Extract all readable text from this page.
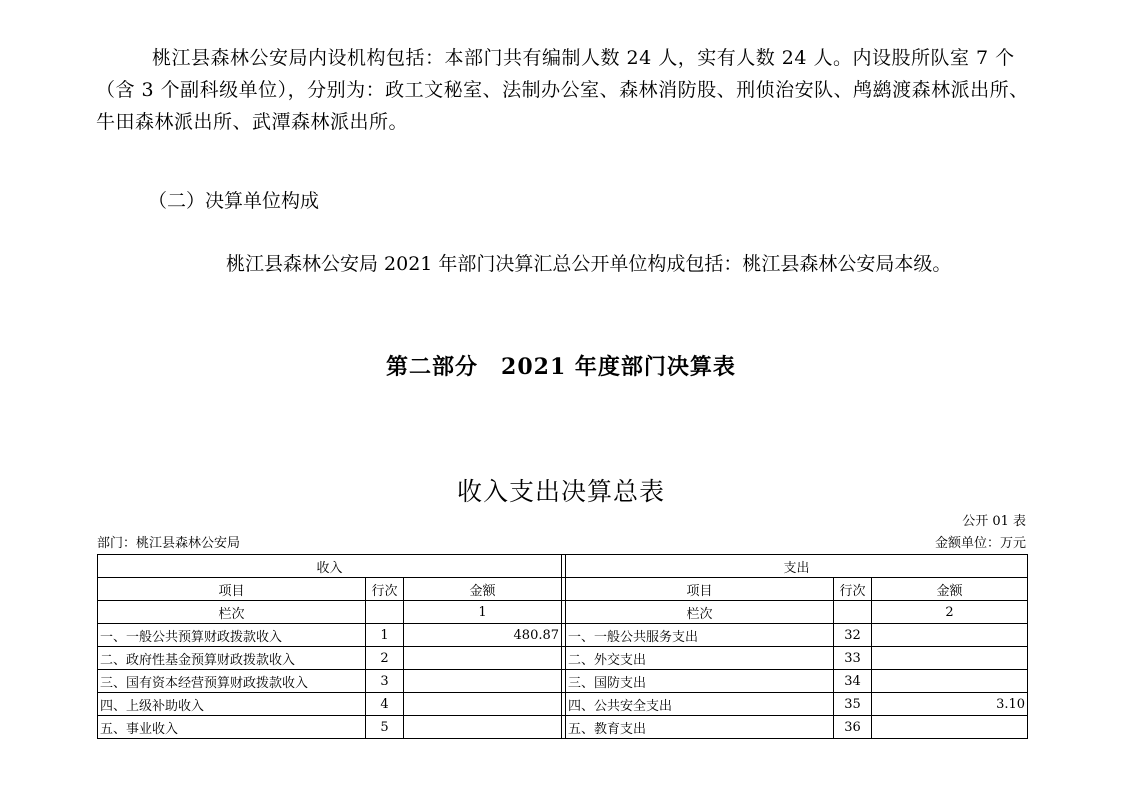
桃江县森林公安局内设机构包括：本部门共有编制人数 24 人，实有人数 24 人。内设股所队室 7 个（含 3 个副科级单位），分别为：政工文秘室、法制办公室、森林消防股、刑侦治安队、鸬鹚渡森林派出所、牛田森林派出所、武潭森林派出所。
（二）决算单位构成
桃江县森林公安局 2021 年部门决算汇总公开单位构成包括：桃江县森林公安局本级。
第二部分　2021 年度部门决算表
收入支出决算总表
公开 01 表
部门：桃江县森林公安局	金额单位：万元
收入				支出		
项目	行次	金额		项目	行次	金额
栏次		1		栏次		2
一、一般公共预算财政拨款收入	1	480.87		一、一般公共服务支出	32	
二、政府性基金预算财政拨款收入	2			二、外交支出	33	
三、国有资本经营预算财政拨款收入	3			三、国防支出	34	
四、上级补助收入	4			四、公共安全支出	35	3.10
五、事业收入	5			五、教育支出	36	
